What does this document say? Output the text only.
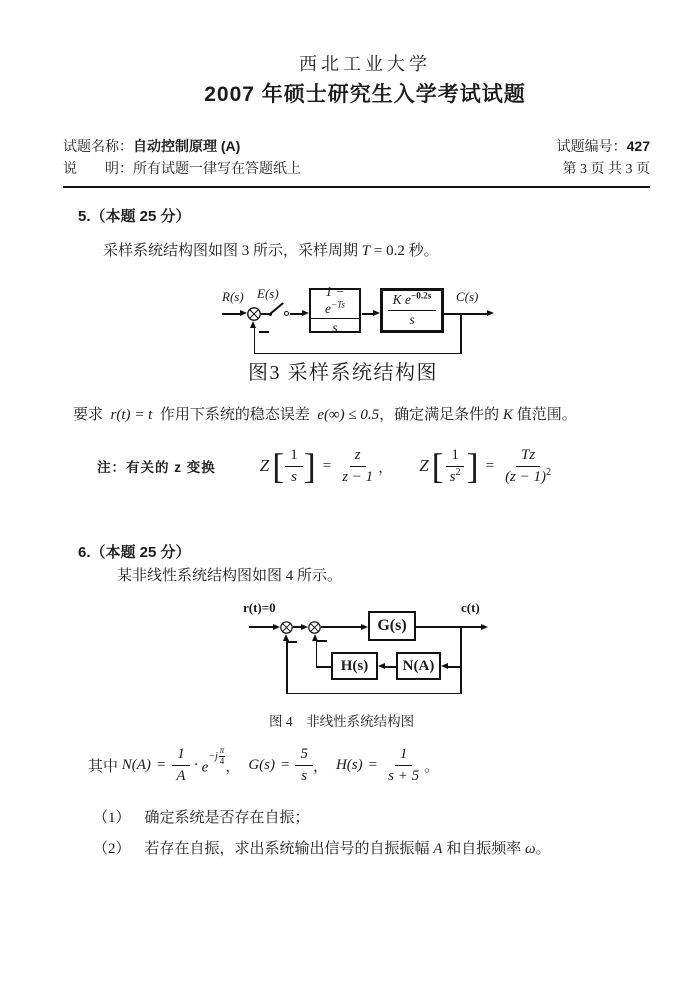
西北工业大学
2007 年硕士研究生入学考试试题
试题名称：自动控制原理 (A)	试题编号：427
说　　明：所有试题一律写在答题纸上	第 3 页 共 3 页
5.（本题 25 分）
采样系统结构图如图 3 所示，采样周期 T = 0.2 秒。
R(s) $E(s) \frac{1 - e^{-Ts}}{s} \frac{K e^{-0.2s}}{s} C(s)$
图3 采样系统结构图
要求  r(t) = t  作用下系统的稳态误差  e(∞) ≤ 0.5，确定满足条件的 K 值范围。
注：有关的 z 变换	Z [ $\frac{1}{s}$ ] = $\frac{z}{z - 1}$ ， Z [ $\frac{1}{s^2}$ ] = $\frac{Tz}{(z - 1)^2}$
6.（本题 25 分）
某非线性系统结构图如图 4 所示。
r(t)=0
G(s)
c(t)
N(A)
H(s)
图 4　非线性系统结构图
其中 $N(A) = \frac{1}{A} \cdot e$
$^{-j \frac{\pi}{4}}$ ， $G(s) = \frac{5}{s}$ ， $H(s) = \frac{1}{s + 5}$ 。
（1） 确定系统是否存在自振；
（2） 若存在自振，求出系统输出信号的自振振幅 A 和自振频率 ω。
